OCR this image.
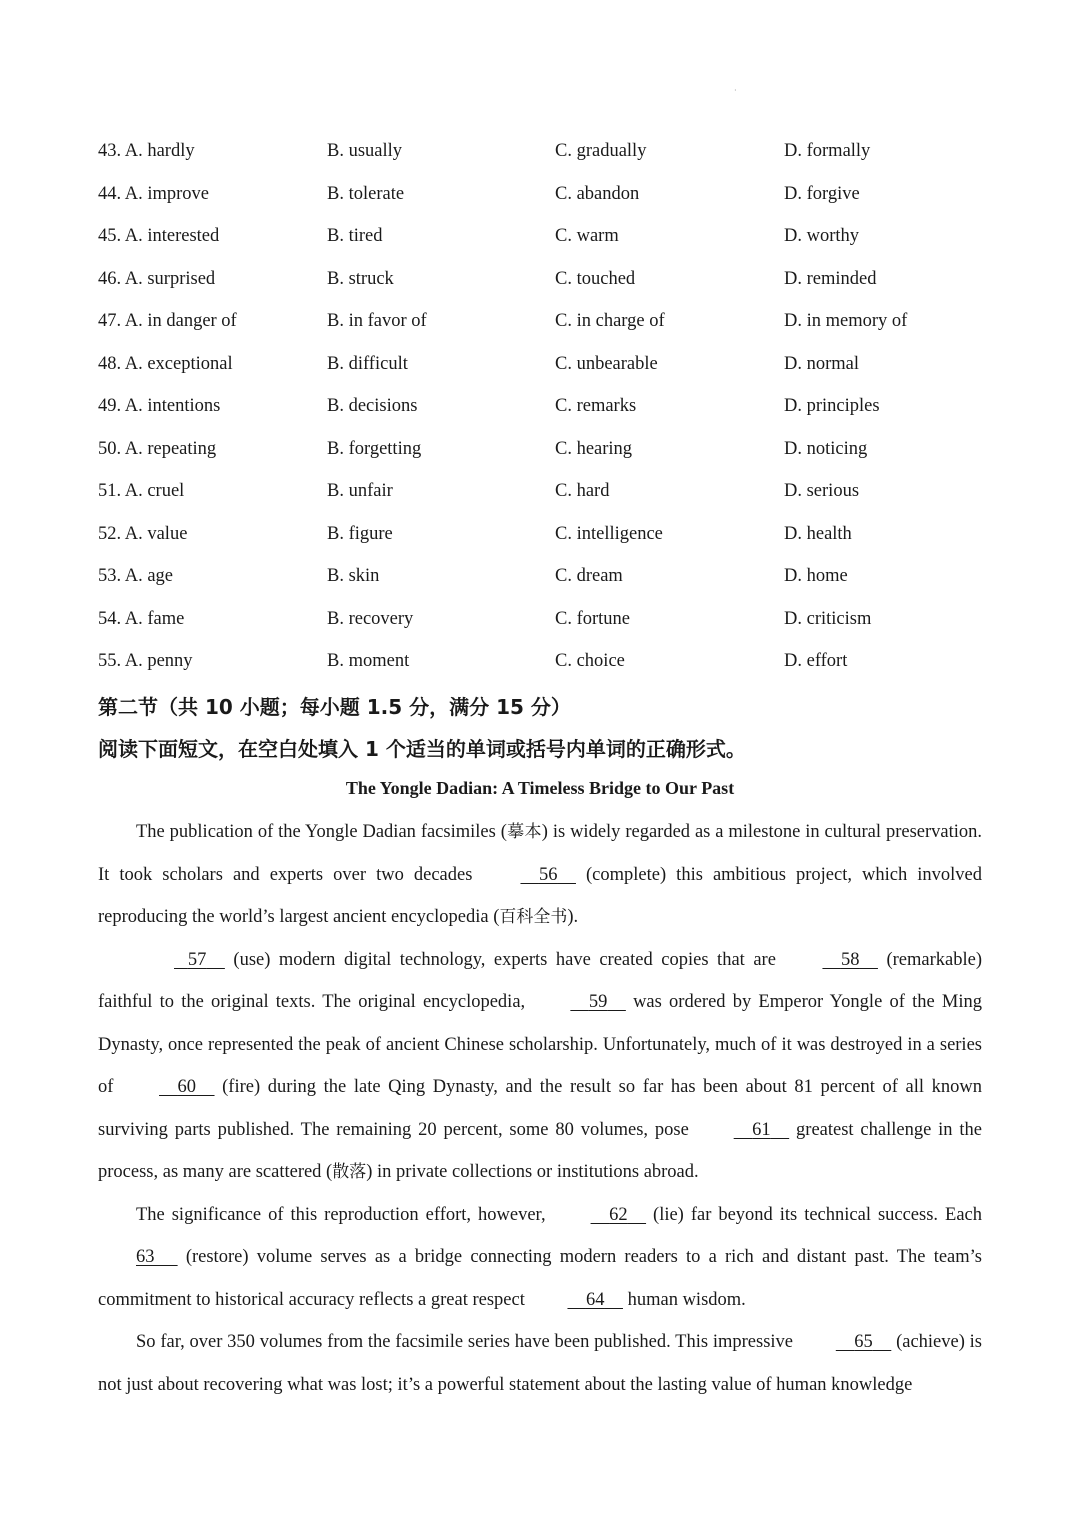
·
43. A. hardly	B. usually	C. gradually	D. formally
44. A. improve	B. tolerate	C. abandon	D. forgive
45. A. interested	B. tired	C. warm	D. worthy
46. A. surprised	B. struck	C. touched	D. reminded
47. A. in danger of	B. in favor of	C. in charge of	D. in memory of
48. A. exceptional	B. difficult	C. unbearable	D. normal
49. A. intentions	B. decisions	C. remarks	D. principles
50. A. repeating	B. forgetting	C. hearing	D. noticing
51. A. cruel	B. unfair	C. hard	D. serious
52. A. value	B. figure	C. intelligence	D. health
53. A. age	B. skin	C. dream	D. home
54. A. fame	B. recovery	C. fortune	D. criticism
55. A. penny	B. moment	C. choice	D. effort
第二节（共 10 小题；每小题 1.5 分，满分 15 分）
阅读下面短文，在空白处填入 1 个适当的单词或括号内单词的正确形式。
The Yongle Dadian: A Timeless Bridge to Our Past

The publication of the Yongle Dadian facsimiles (摹本) is widely regarded as a milestone in cultural preservation. It took scholars and experts over two decades	56     (complete) this ambitious project, which involved reproducing the world’s largest ancient encyclopedia (百科全书).

57     (use) modern digital technology, experts have created copies that are	58     (remarkable) faithful to the original texts. The original encyclopedia,	59     was ordered by Emperor Yongle of the Ming Dynasty, once represented the peak of ancient Chinese scholarship. Unfortunately, much of it was destroyed in a series of	60     (fire) during the late Qing Dynasty, and the result so far has been about 81 percent of all known surviving parts published. The remaining 20 percent, some 80 volumes, pose	61     greatest challenge in the process, as many are scattered (散落) in private collections or institutions abroad.

The significance of this reproduction effort, however,	62     (lie) far beyond its technical success. Each 63      (restore) volume serves as a bridge connecting modern readers to a rich and distant past. The team’s commitment to historical accuracy reflects a great respect	64     human wisdom.

So far, over 350 volumes from the facsimile series have been published. This impressive	65     (achieve) is not just about recovering what was lost; it’s a powerful statement about the lasting value of human knowledge
